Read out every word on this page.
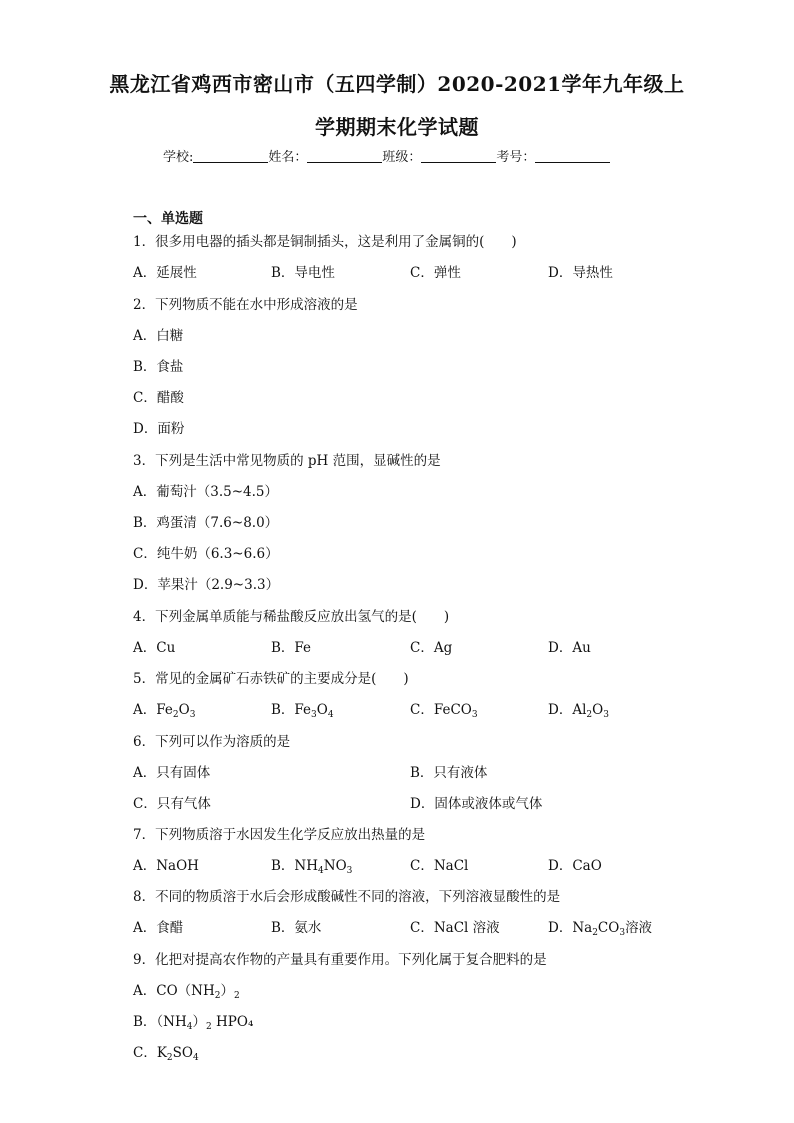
黑龙江省鸡西市密山市（五四学制）2020-2021学年九年级上
学期期末化学试题
学校:	姓名：	班级：	考号：
一、单选题
1．很多用电器的插头都是铜制插头，这是利用了金属铜的(　　)
A．延展性	B．导电性	C．弹性	D．导热性
2．下列物质不能在水中形成溶液的是
A．白糖
B．食盐
C．醋酸
D．面粉
3．下列是生活中常见物质的 pH 范围，显碱性的是
A．葡萄汁（3.5~4.5）
B．鸡蛋清（7.6~8.0）
C．纯牛奶（6.3~6.6）
D．苹果汁（2.9~3.3）
4．下列金属单质能与稀盐酸反应放出氢气的是(　　)
A．Cu	B．Fe	C．Ag	D．Au
5．常见的金属矿石赤铁矿的主要成分是(　　)
A．$Fe_2O_3$	B．$Fe_3O_4$	C．FeCO$_3$	D．$Al_2O_3$
6．下列可以作为溶质的是
A．只有固体	B．只有液体
C．只有气体	D．固体或液体或气体
7．下列物质溶于水因发生化学反应放出热量的是
A．NaOH	B．$NH_4NO_3$	C．NaCl	D．CaO
8．不同的物质溶于水后会形成酸碱性不同的溶液，下列溶液显酸性的是
A．食醋	B．氨水	C．NaCl 溶液	D．$Na_2CO_3$溶液
9．化把对提高农作物的产量具有重要作用。下列化属于复合肥料的是
A．$CO(NH_2)_2$
B．$(NH_4)_2$ HPO₄
C．$K_2SO_4$
